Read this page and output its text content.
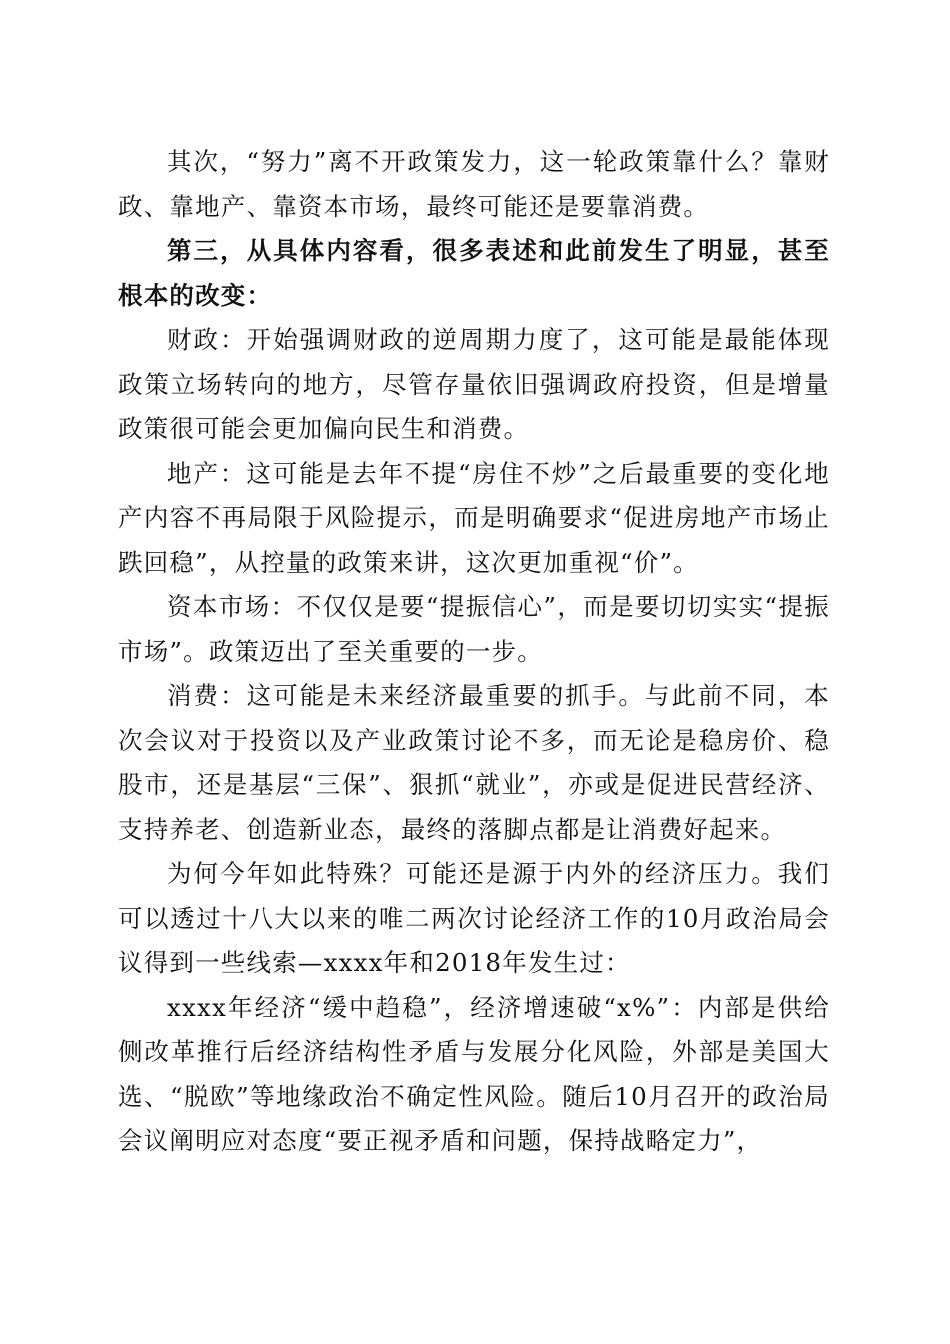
其次，“努力”离不开政策发力，这一轮政策靠什么？靠财政、靠地产、靠资本市场，最终可能还是要靠消费。

第三，从具体内容看，很多表述和此前发生了明显，甚至根本的改变：

财政：开始强调财政的逆周期力度了，这可能是最能体现政策立场转向的地方，尽管存量依旧强调政府投资，但是增量政策很可能会更加偏向民生和消费。

地产：这可能是去年不提“房住不炒”之后最重要的变化地产内容不再局限于风险提示，而是明确要求“促进房地产市场止跌回稳”，从控量的政策来讲，这次更加重视“价”。

资本市场：不仅仅是要“提振信心”，而是要切切实实“提振市场”。政策迈出了至关重要的一步。

消费：这可能是未来经济最重要的抓手。与此前不同，本次会议对于投资以及产业政策讨论不多，而无论是稳房价、稳股市，还是基层“三保”、狠抓“就业”，亦或是促进民营经济、支持养老、创造新业态，最终的落脚点都是让消费好起来。

为何今年如此特殊？可能还是源于内外的经济压力。我们可以透过十八大以来的唯二两次讨论经济工作的10月政治局会议得到一些线索—xxxx年和2018年发生过：

xxxx年经济“缓中趋稳”，经济增速破“x%”：内部是供给侧改革推行后经济结构性矛盾与发展分化风险，外部是美国大选、“脱欧”等地缘政治不确定性风险。随后10月召开的政治局会议阐明应对态度“要正视矛盾和问题，保持战略定力”，
